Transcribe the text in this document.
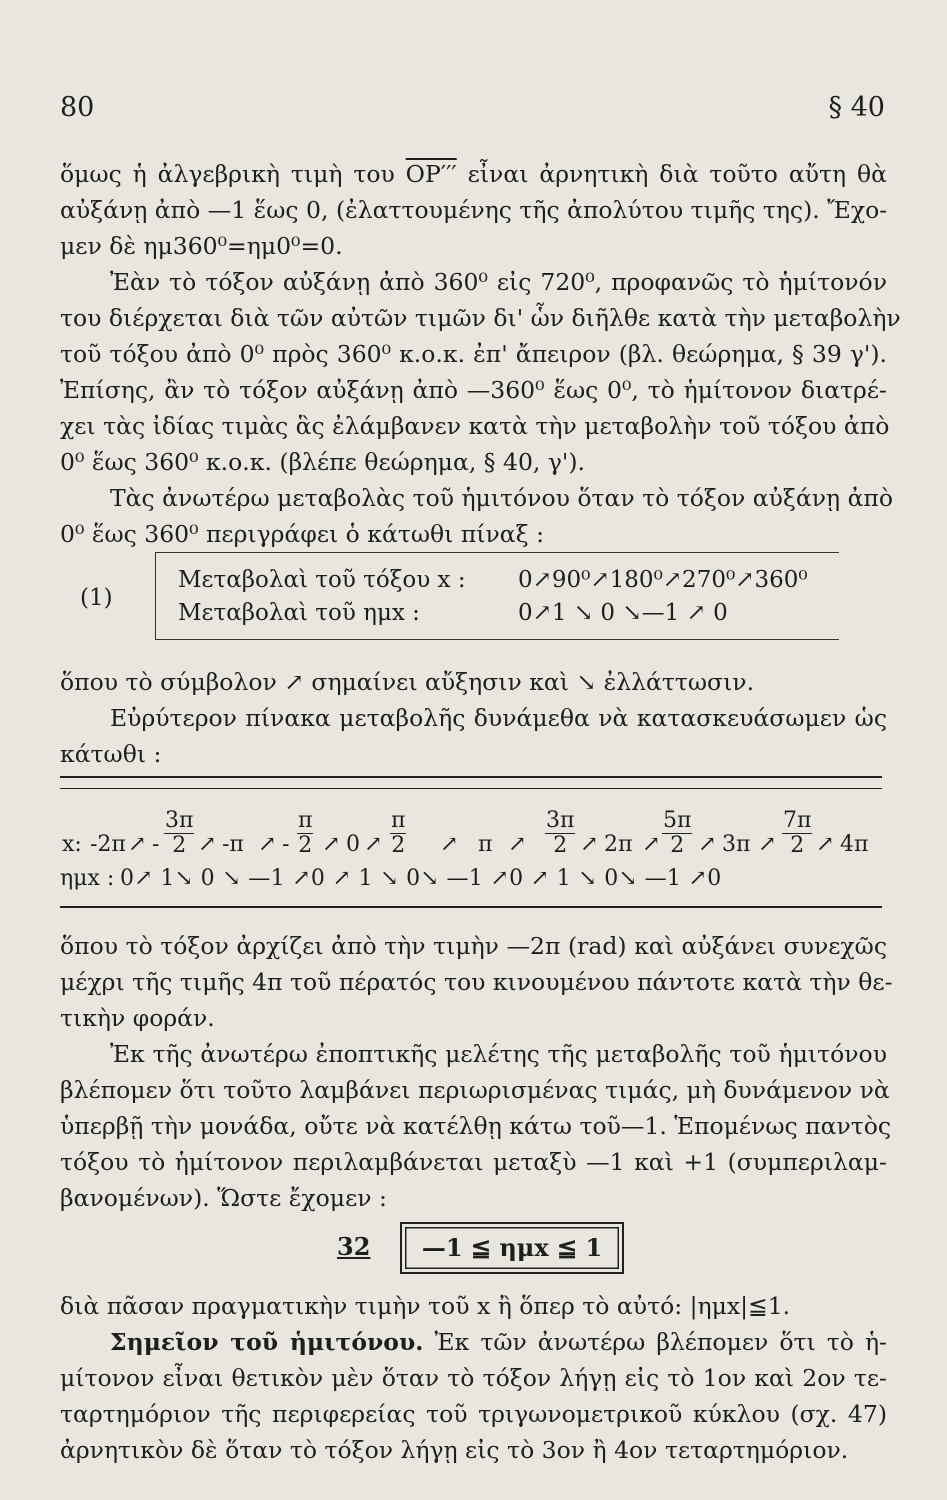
80	§ 40
ὅμως ἡ ἀλγεβρικὴ τιμὴ του OP′′′ εἶναι ἀρνητικὴ διὰ τοῦτο αὔτη θὰ
αὐξάνῃ ἀπὸ —1 ἕως 0, (ἐλαττουμένης τῆς ἀπολύτου τιμῆς της). Ἔχο-
μεν δὲ ημ360⁰=ημ0⁰=0.
Ἐὰν τὸ τόξον αὐξάνῃ ἀπὸ 360⁰ εἰς 720⁰, προφανῶς τὸ ἡμίτονόν
του διέρχεται διὰ τῶν αὐτῶν τιμῶν δι' ὧν διῆλθε κατὰ τὴν μεταβολὴν
τοῦ τόξου ἀπὸ 0⁰ πρὸς 360⁰ κ.ο.κ. ἐπ' ἄπειρον (βλ. θεώρημα, § 39 γ').
Ἐπίσης, ἂν τὸ τόξον αὐξάνῃ ἀπὸ —360⁰ ἕως 0⁰, τὸ ἡμίτονον διατρέ-
χει τὰς ἰδίας τιμὰς ἃς ἐλάμβανεν κατὰ τὴν μεταβολὴν τοῦ τόξου ἀπὸ
0⁰ ἕως 360⁰ κ.ο.κ. (βλέπε θεώρημα, § 40, γ').
Τὰς ἀνωτέρω μεταβολὰς τοῦ ἡμιτόνου ὅταν τὸ τόξον αὐξάνῃ ἀπὸ
0⁰ ἕως 360⁰ περιγράφει ὁ κάτωθι πίναξ :
(1)
Μεταβολαὶ τοῦ τόξου x : 0↗90⁰↗180⁰↗270⁰↗360⁰
Μεταβολαὶ τοῦ ημx :	0↗1 ↘ 0 ↘—1 ↗ 0
ὅπου τὸ σύμβολον ↗ σημαίνει αὔξησιν καὶ ↘ ἐλλάττωσιν.
Εὐρύτερον πίνακα μεταβολῆς δυνάμεθα νὰ κατασκευάσωμεν ὡς
κάτωθι :
x: -2π ↗ - $\frac{3\pi}{2}$ ↗ -π ↗ - $\frac{\pi}{2}$ ↗ 0 ↗ $\frac{\pi}{2}$ ↗ π ↗ $\frac{3\pi}{2}$ ↗ 2π ↗ $\frac{5\pi}{2}$ ↗ 3π ↗ $\frac{7\pi}{2}$ ↗ 4π
ημx : 0↗ 1↘ 0 ↘ —1 ↗0 ↗ 1 ↘ 0↘ —1 ↗0 ↗ 1 ↘ 0↘ —1 ↗0
ὅπου τὸ τόξον ἀρχίζει ἀπὸ τὴν τιμὴν —2π (rad) καὶ αὐξάνει συνεχῶς
μέχρι τῆς τιμῆς 4π τοῦ πέρατός του κινουμένου πάντοτε κατὰ τὴν θε-
τικὴν φοράν.
Ἐκ τῆς ἀνωτέρω ἐποπτικῆς μελέτης τῆς μεταβολῆς τοῦ ἡμιτόνου
βλέπομεν ὅτι τοῦτο λαμβάνει περιωρισμένας τιμάς, μὴ δυνάμενον νὰ
ὑπερβῇ τὴν μονάδα, οὔτε νὰ κατέλθῃ κάτω τοῦ—1. Ἑπομένως παντὸς
τόξου τὸ ἡμίτονον περιλαμβάνεται μεταξὺ —1 καὶ +1 (συμπεριλαμ-
βανομένων). Ὥστε ἔχομεν :
32	—1 ≦ ημx ≦ 1
διὰ πᾶσαν πραγματικὴν τιμὴν τοῦ x ἢ ὅπερ τὸ αὐτό: |ημx|≦1.
Σημεῖον τοῦ ἡμιτόνου. Ἐκ τῶν ἀνωτέρω βλέπομεν ὅτι τὸ ἡ-
μίτονον εἶναι θετικὸν μὲν ὅταν τὸ τόξον λήγῃ εἰς τὸ 1ον καὶ 2ον τε-
ταρτημόριον τῆς περιφερείας τοῦ τριγωνομετρικοῦ κύκλου (σχ. 47)
ἀρνητικὸν δὲ ὅταν τὸ τόξον λήγῃ εἰς τὸ 3ον ἢ 4ον τεταρτημόριον.
